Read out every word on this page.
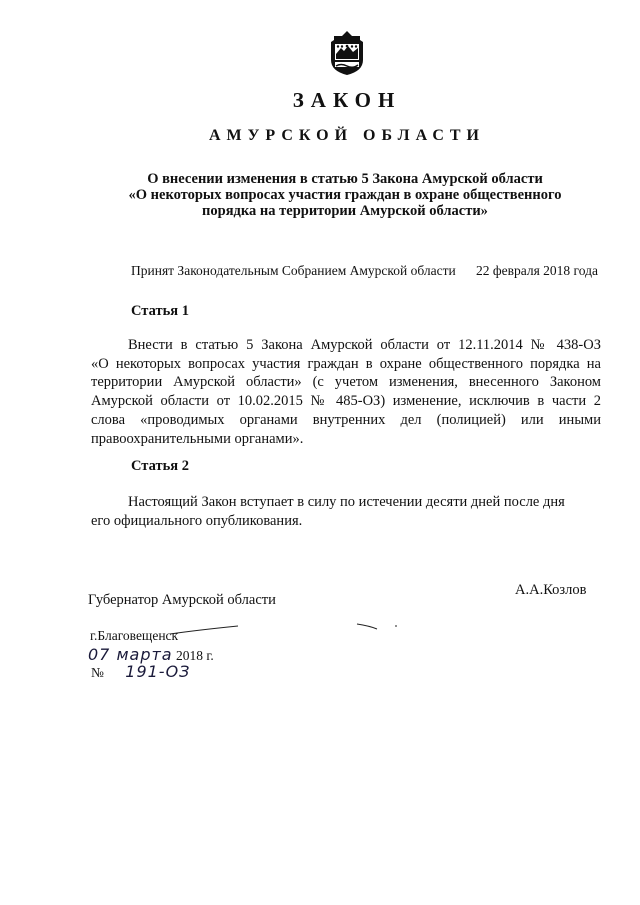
ЗАКОН
АМУРСКОЙ ОБЛАСТИ
О внесении изменения в статью 5 Закона Амурской области
«О некоторых вопросах участия граждан в охране общественного
порядка на территории Амурской области»
Принят Законодательным Собранием Амурской области 22 февраля 2018 года
Статья 1
Внести в статью 5 Закона Амурской области от 12.11.2014 № 438-ОЗ
«О некоторых вопросах участия граждан в охране общественного порядка на
территории Амурской области» (с учетом изменения, внесенного Законом
Амурской области от 10.02.2015 № 485-ОЗ) изменение, исключив в части 2
слова «проводимых органами внутренних дел (полицией) или иными
правоохранительными органами».
Статья 2
Настоящий Закон вступает в силу по истечении десяти дней после дня
его официального опубликования.
Губернатор Амурской области
А.А.Козлов
г.Благовещенск
07 марта 2018 г.
№ 191-ОЗ
